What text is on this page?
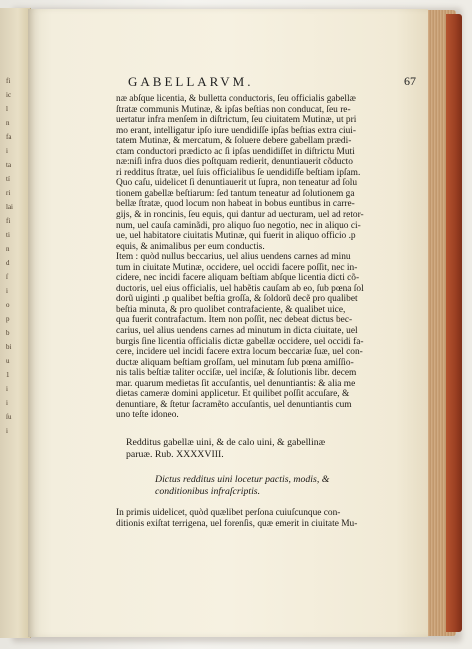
fi
ic
l
n
fa
i
ta
tí
ri
lai
fi
ti
n
d
ſ
i
o
p
b
bi
u
1
i
i
ſu
i
GABELLARVM.	67
næ abſque licentia, & bulletta conductoris, ſeu officialis gabellæ
ſtratæ communis Mutinæ, & ipſas beſtias non conducat, ſeu re-
uertatur infra menſem in diſtrictum, ſeu ciuitatem Mutinæ, ut pri
mo erant, intelligatur ipſo iure uendidiſſe ipſas beſtias extra ciui-
tatem Mutinæ, & mercatum, & ſoluere debere gabellam prædi-
ctam conductori prædicto ac ſi ipſas uendidiſſet in diſtrictu Muti
næ:niſi infra duos dies poſtquam redierit, denuntiauerit cõducto
ri redditus ſtratæ, uel ſuis officialibus ſe uendidiſſe beſtiam ipſam.
Quo caſu, uidelicet ſi denuntiauerit ut ſupra, non teneatur ad ſolu
tionem gabellæ beſtiarum: ſed tantum teneatur ad ſolutionem ga
bellæ ſtratæ, quod locum non habeat in bobus euntibus in carre-
gijs, & in roncinis, ſeu equis, qui dantur ad uecturam, uel ad retor-
num, uel cauſa caminãdi, pro aliquo ſuo negotio, nec in aliquo ci-
ue, uel habitatore ciuitatis Mutinæ, qui fuerit in aliquo officio .p
equis, & animalibus per eum conductis.
Item : quòd nullus beccarius, uel alius uendens carnes ad minu
tum in ciuitate Mutinæ, occidere, uel occidi facere poſſit, nec in-
cidere, nec incidi facere aliquam beſtiam abſque licentia dicti cõ-
ductoris, uel eius officialis, uel habẽtis cauſam ab eo, ſub pœna ſol
dorũ uiginti .p qualibet beſtia groſſa, & ſoldorũ decẽ pro qualibet
beſtia minuta, & pro quolibet contrafaciente, & qualibet uice,
qua fuerit contrafactum. Item non poſſit, nec debeat dictus bec-
carius, uel alius uendens carnes ad minutum in dicta ciuitate, uel
burgis ſine licentia officialis dictæ gabellæ occidere, uel occidi fa-
cere, incidere uel incidi facere extra locum beccariæ ſuæ, uel con-
ductæ aliquam beſtiam groſſam, uel minutam ſub pœna amiſſio-
nis talis beſtiæ taliter occiſæ, uel inciſæ, & ſolutionis libr. decem
mar. quarum medietas ſit accuſantis, uel denuntiantis: & alia me
dietas cameræ domini applicetur. Et quilibet poſſit accuſare, &
denuntiare, & ſtetur ſacramẽto accuſantis, uel denuntiantis cum
uno teſte idoneo.
Redditus gabellæ uini, & de calo uini, & gabellinæ
paruæ. Rub. XXXXVIII.
Dictus redditus uini locetur pactis, modis, &
conditionibus infraſcriptis.
In primis uidelicet, quòd quælibet perſona cuiuſcunque con-
ditionis exiſtat terrigena, uel forenſis, quæ emerit in ciuitate Mu-
